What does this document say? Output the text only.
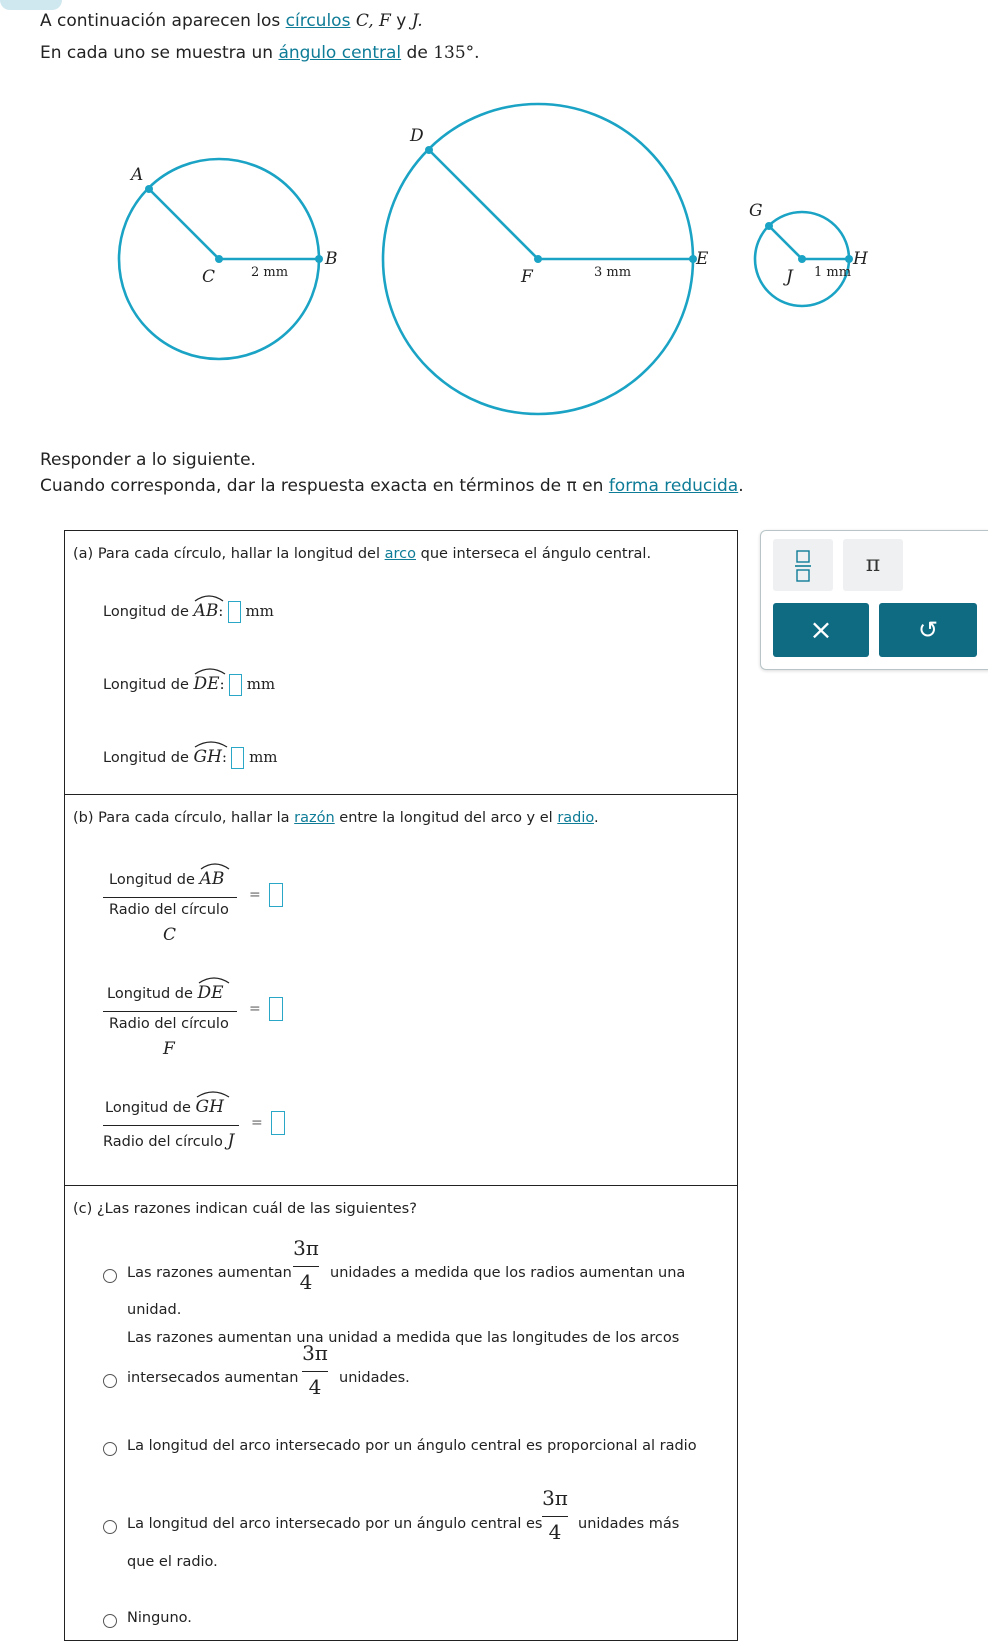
A continuación aparecen los círculos C, F y J.
En cada uno se muestra un ángulo central de 135°.
A
C
B
D
F
E
G
J
H
2 mm	3 mm	1 mm
Responder a lo siguiente.
Cuando corresponda, dar la respuesta exacta en términos de π en forma reducida.
(a) Para cada círculo, hallar la longitud del arco que interseca el ángulo central.
Longitud de AB: mm
Longitud de DE: mm
Longitud de GH: mm
(b) Para cada círculo, hallar la razón entre la longitud del arco y el radio.
Longitud de AB
Radio del círculo
C
=
Longitud de DE
Radio del círculo
F
=
Longitud de GH
Radio del círculo J
=
(c) ¿Las razones indican cuál de las siguientes?
Las razones aumentan
3π
4	unidades a medida que los radios aumentan una
unidad.
Las razones aumentan una unidad a medida que las longitudes de los arcos
intersecados aumentan
3π
4	unidades.
La longitud del arco intersecado por un ángulo central es proporcional al radio
La longitud del arco intersecado por un ángulo central es
3π
4	unidades más
que el radio.
Ninguno.
π
×	↺
